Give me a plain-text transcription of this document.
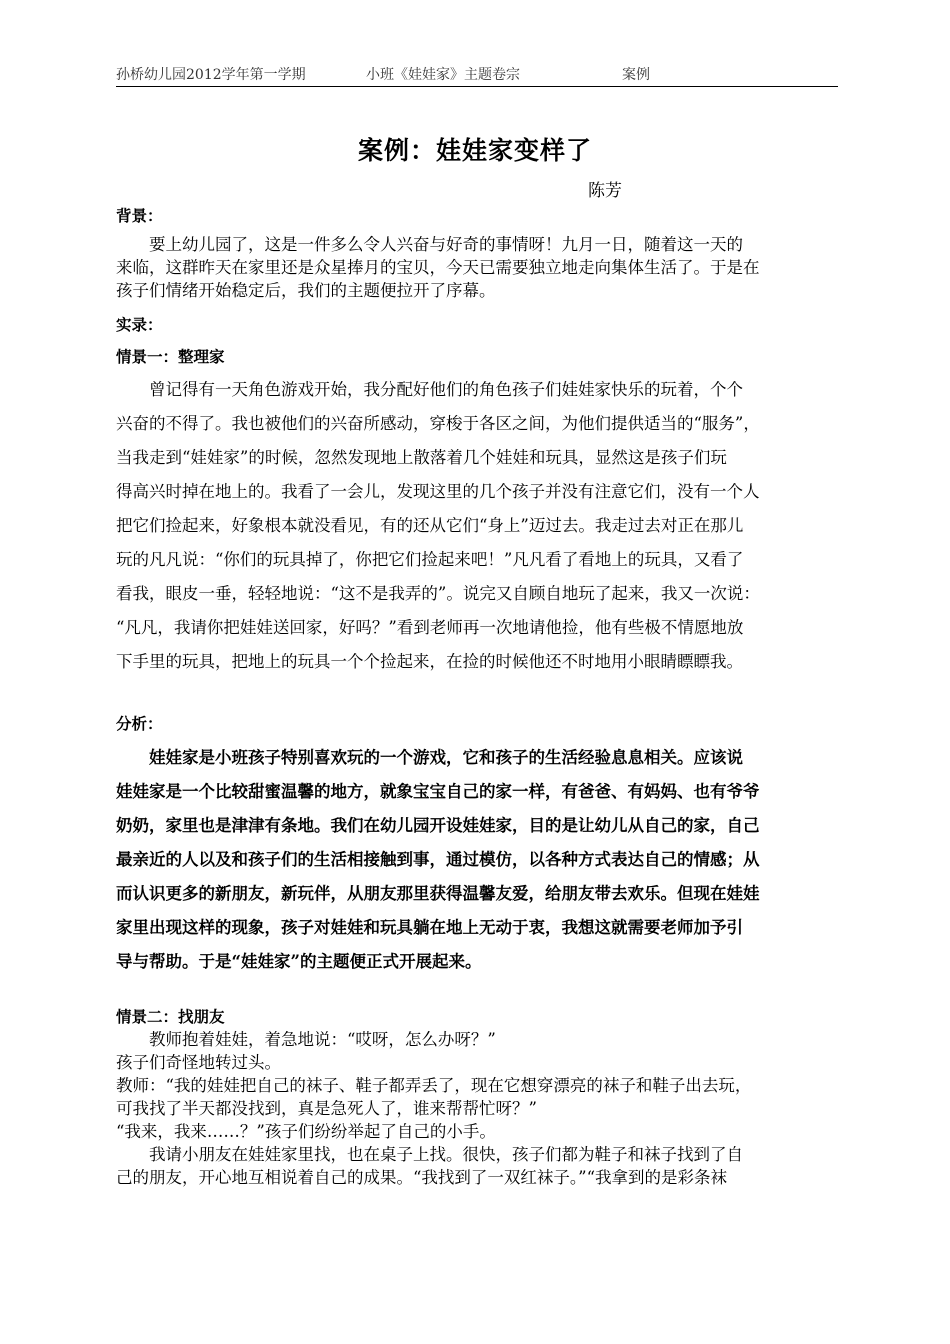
孙桥幼儿园2012学年第一学期	小班《娃娃家》主题卷宗	案例
案例：娃娃家变样了
陈芳
背景：
　　要上幼儿园了，这是一件多么令人兴奋与好奇的事情呀！九月一日，随着这一天的
来临，这群昨天在家里还是众星捧月的宝贝，今天已需要独立地走向集体生活了。于是在
孩子们情绪开始稳定后，我们的主题便拉开了序幕。
实录：
情景一：整理家
　　曾记得有一天角色游戏开始，我分配好他们的角色孩子们娃娃家快乐的玩着，个个
兴奋的不得了。我也被他们的兴奋所感动，穿梭于各区之间，为他们提供适当的“服务”，
当我走到“娃娃家”的时候，忽然发现地上散落着几个娃娃和玩具，显然这是孩子们玩
得高兴时掉在地上的。我看了一会儿，发现这里的几个孩子并没有注意它们，没有一个人
把它们捡起来，好象根本就没看见，有的还从它们“身上”迈过去。我走过去对正在那儿
玩的凡凡说：“你们的玩具掉了，你把它们捡起来吧！”凡凡看了看地上的玩具，又看了
看我，眼皮一垂，轻轻地说：“这不是我弄的”。说完又自顾自地玩了起来，我又一次说：
“凡凡，我请你把娃娃送回家，好吗？”看到老师再一次地请他捡，他有些极不情愿地放
下手里的玩具，把地上的玩具一个个捡起来，在捡的时候他还不时地用小眼睛瞟瞟我。
分析：
　　娃娃家是小班孩子特别喜欢玩的一个游戏，它和孩子的生活经验息息相关。应该说
娃娃家是一个比较甜蜜温馨的地方，就象宝宝自己的家一样，有爸爸、有妈妈、也有爷爷
奶奶，家里也是津津有条地。我们在幼儿园开设娃娃家，目的是让幼儿从自己的家，自己
最亲近的人以及和孩子们的生活相接触到事，通过模仿，以各种方式表达自己的情感；从
而认识更多的新朋友，新玩伴，从朋友那里获得温馨友爱，给朋友带去欢乐。但现在娃娃
家里出现这样的现象，孩子对娃娃和玩具躺在地上无动于衷，我想这就需要老师加予引
导与帮助。于是“娃娃家”的主题便正式开展起来。
情景二：找朋友
　　教师抱着娃娃，着急地说：“哎呀，怎么办呀？”
孩子们奇怪地转过头。
教师：“我的娃娃把自己的袜子、鞋子都弄丢了，现在它想穿漂亮的袜子和鞋子出去玩，
可我找了半天都没找到，真是急死人了，谁来帮帮忙呀？”
“我来，我来……？”孩子们纷纷举起了自己的小手。
　　我请小朋友在娃娃家里找，也在桌子上找。很快，孩子们都为鞋子和袜子找到了自
己的朋友，开心地互相说着自己的成果。“我找到了一双红袜子。”“我拿到的是彩条袜
